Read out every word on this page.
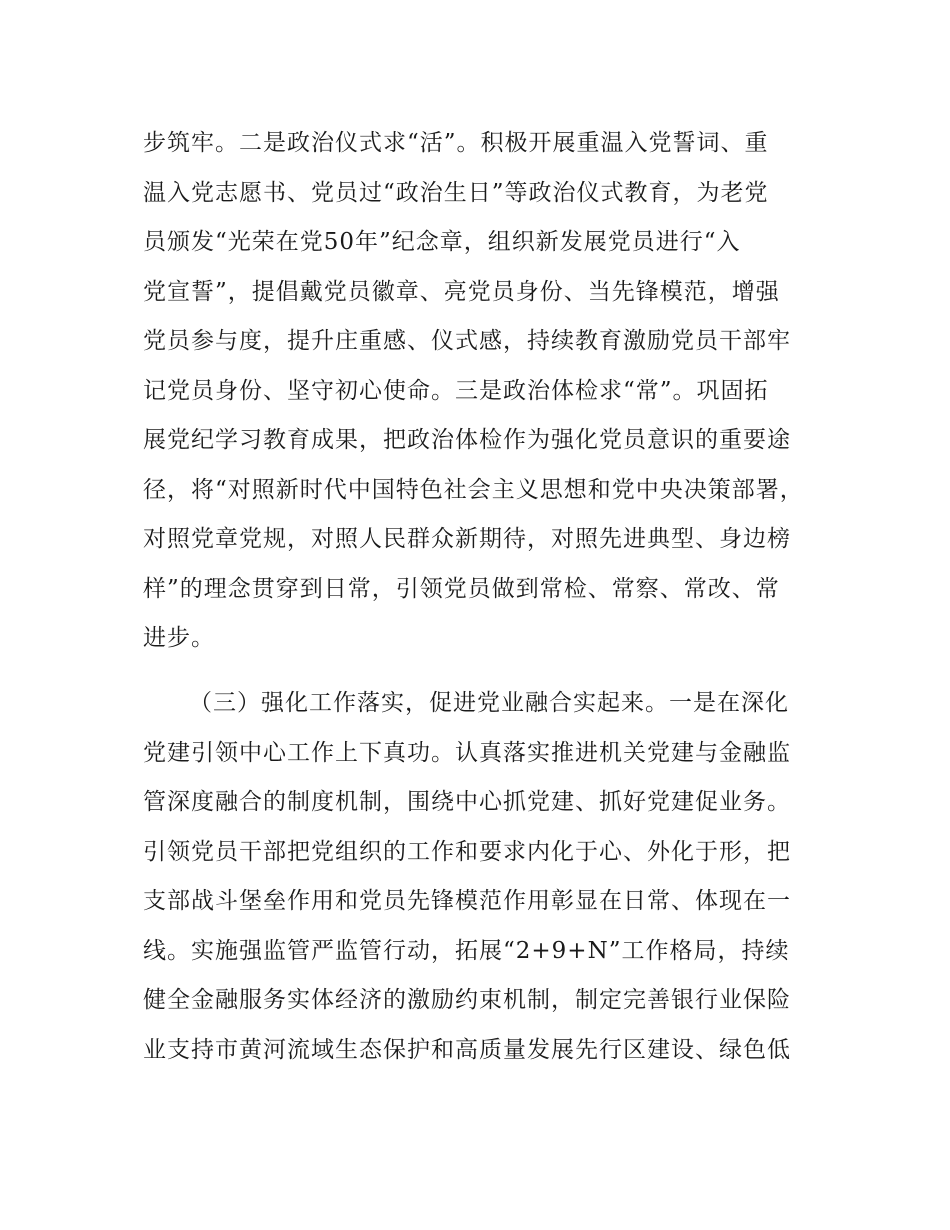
步筑牢。二是政治仪式求“活”。积极开展重温入党誓词、重
温入党志愿书、党员过“政治生日”等政治仪式教育，为老党
员颁发“光荣在党50年”纪念章，组织新发展党员进行“入
党宣誓”，提倡戴党员徽章、亮党员身份、当先锋模范，增强
党员参与度，提升庄重感、仪式感，持续教育激励党员干部牢
记党员身份、坚守初心使命。三是政治体检求“常”。巩固拓
展党纪学习教育成果，把政治体检作为强化党员意识的重要途
径，将“对照新时代中国特色社会主义思想和党中央决策部署，
对照党章党规，对照人民群众新期待，对照先进典型、身边榜
样”的理念贯穿到日常，引领党员做到常检、常察、常改、常
进步。
（三）强化工作落实，促进党业融合实起来。一是在深化
党建引领中心工作上下真功。认真落实推进机关党建与金融监
管深度融合的制度机制，围绕中心抓党建、抓好党建促业务。
引领党员干部把党组织的工作和要求内化于心、外化于形，把
支部战斗堡垒作用和党员先锋模范作用彰显在日常、体现在一
线。实施强监管严监管行动，拓展“2+9+N”工作格局，持续
健全金融服务实体经济的激励约束机制，制定完善银行业保险
业支持市黄河流域生态保护和高质量发展先行区建设、绿色低
